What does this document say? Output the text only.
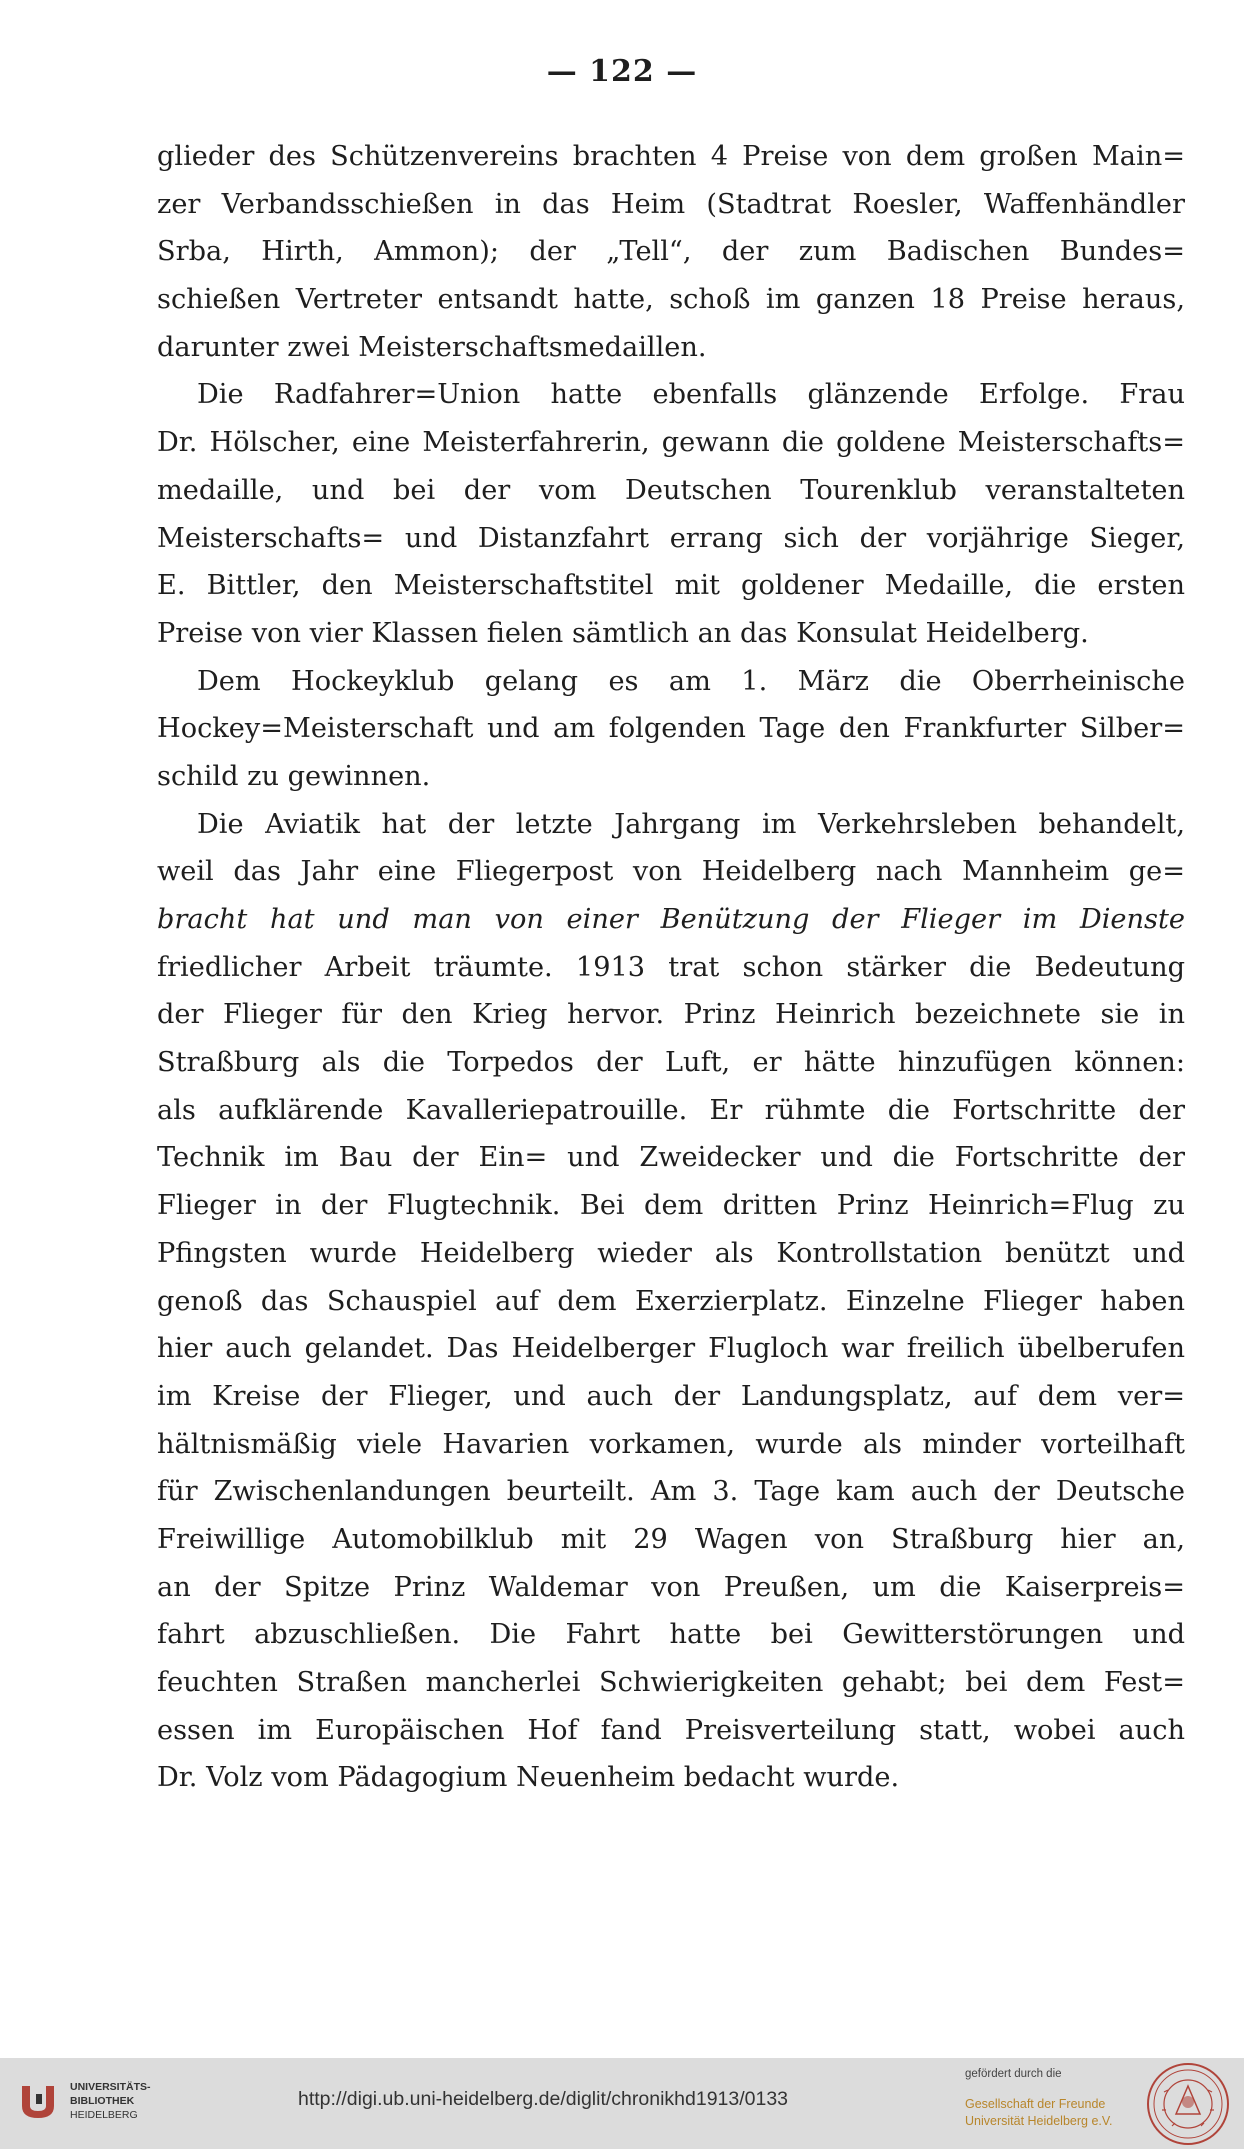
— 122 —
glieder des Schützenvereins brachten 4 Preise von dem großen Main=
zer Verbandsschießen in das Heim (Stadtrat Roesler, Waffenhändler
Srba, Hirth, Ammon); der „Tell“, der zum Badischen Bundes=
schießen Vertreter entsandt hatte, schoß im ganzen 18 Preise heraus,
darunter zwei Meisterschaftsmedaillen.
Die Radfahrer=Union hatte ebenfalls glänzende Erfolge. Frau
Dr. Hölscher, eine Meisterfahrerin, gewann die goldene Meisterschafts=
medaille, und bei der vom Deutschen Tourenklub veranstalteten
Meisterschafts= und Distanzfahrt errang sich der vorjährige Sieger,
E. Bittler, den Meisterschaftstitel mit goldener Medaille, die ersten
Preise von vier Klassen fielen sämtlich an das Konsulat Heidelberg.
Dem Hockeyklub gelang es am 1. März die Oberrheinische
Hockey=Meisterschaft und am folgenden Tage den Frankfurter Silber=
schild zu gewinnen.
Die Aviatik hat der letzte Jahrgang im Verkehrsleben behandelt,
weil das Jahr eine Fliegerpost von Heidelberg nach Mannheim ge=
bracht hat und man von einer Benützung der Flieger im Dienste
friedlicher Arbeit träumte. 1913 trat schon stärker die Bedeutung
der Flieger für den Krieg hervor. Prinz Heinrich bezeichnete sie in
Straßburg als die Torpedos der Luft, er hätte hinzufügen können:
als aufklärende Kavalleriepatrouille. Er rühmte die Fortschritte der
Technik im Bau der Ein= und Zweidecker und die Fortschritte der
Flieger in der Flugtechnik. Bei dem dritten Prinz Heinrich=Flug zu
Pfingsten wurde Heidelberg wieder als Kontrollstation benützt und
genoß das Schauspiel auf dem Exerzierplatz. Einzelne Flieger haben
hier auch gelandet. Das Heidelberger Flugloch war freilich übelberufen
im Kreise der Flieger, und auch der Landungsplatz, auf dem ver=
hältnismäßig viele Havarien vorkamen, wurde als minder vorteilhaft
für Zwischenlandungen beurteilt. Am 3. Tage kam auch der Deutsche
Freiwillige Automobilklub mit 29 Wagen von Straßburg hier an,
an der Spitze Prinz Waldemar von Preußen, um die Kaiserpreis=
fahrt abzuschließen. Die Fahrt hatte bei Gewitterstörungen und
feuchten Straßen mancherlei Schwierigkeiten gehabt; bei dem Fest=
essen im Europäischen Hof fand Preisverteilung statt, wobei auch
Dr. Volz vom Pädagogium Neuenheim bedacht wurde.
UNIVERSITÄTS-
BIBLIOTHEK
HEIDELBERG
http://digi.ub.uni-heidelberg.de/diglit/chronikhd1913/0133
gefördert durch die
Gesellschaft der Freunde
Universität Heidelberg e.V.
